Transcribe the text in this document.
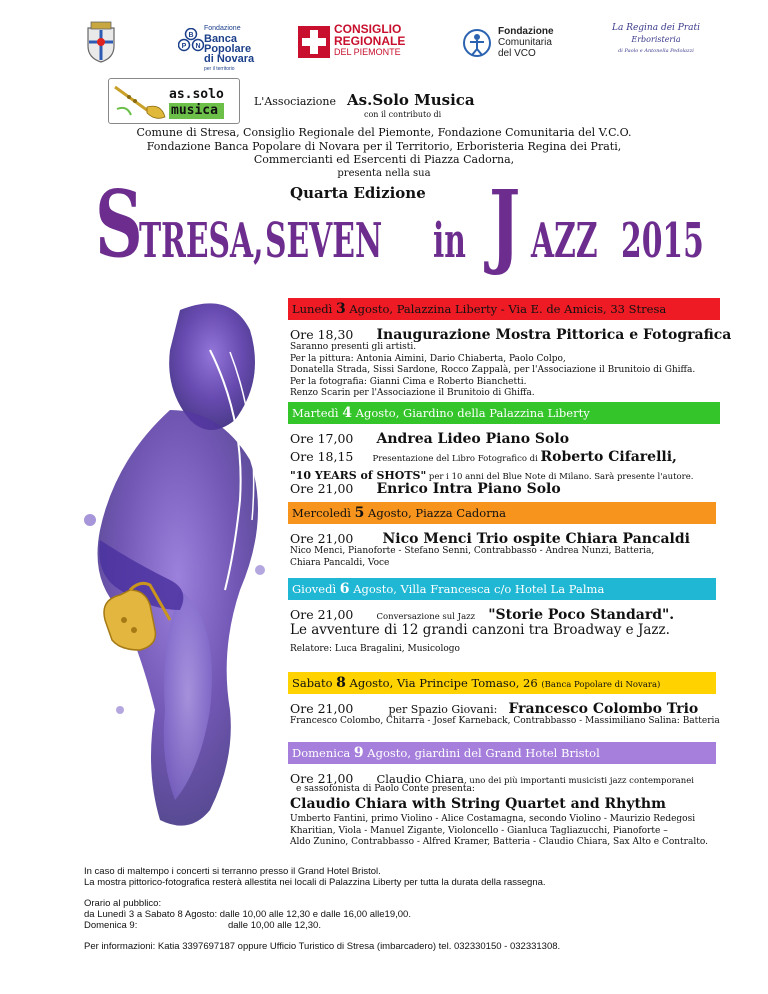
B
P N
Fondazione
Banca
Popolare
di Novara
per il territorio
CONSIGLIO
REGIONALE
DEL PIEMONTE
Fondazione
Comunitaria
del VCO
La Regina dei Prati
Erboristeria
di Paolo e Antonella Pedolazzi
as.solo
musica
L'Associazione As.Solo Musica
con il contributo di
Comune di Stresa, Consiglio Regionale del Piemonte, Fondazione Comunitaria del V.C.O.
Fondazione Banca Popolare di Novara per il Territorio, Erboristeria Regina dei Prati,
Commercianti ed Esercenti di Piazza Cadorna,
presenta nella sua
Quarta Edizione
S
TRESA, SEVEN in J AZZ 2015
Lunedì 3 Agosto, Palazzina Liberty - Via E. de Amicis, 33 Stresa
Ore 18,30 Inaugurazione Mostra Pittorica e Fotografica
Saranno presenti gli artisti.
Per la pittura: Antonia Aimini, Dario Chiaberta, Paolo Colpo,
Donatella Strada, Sissi Sardone, Rocco Zappalà, per l'Associazione il Brunitoio di Ghiffa.
Per la fotografia: Gianni Cima e Roberto Bianchetti.
Renzo Scarin per l'Associazione il Brunitoio di Ghiffa.
Martedì 4 Agosto, Giardino della Palazzina Liberty
Ore 17,00 Andrea Lideo Piano Solo
Ore 18,15 Presentazione del Libro Fotografico di Roberto Cifarelli,
"10 YEARS of SHOTS" per i 10 anni del Blue Note di Milano. Sarà presente l'autore.
Ore 21,00 Enrico Intra Piano Solo
Mercoledì 5 Agosto, Piazza Cadorna
Ore 21,00 Nico Menci Trio ospite Chiara Pancaldi
Nico Menci, Pianoforte - Stefano Senni, Contrabbasso - Andrea Nunzi, Batteria,
Chiara Pancaldi, Voce
Giovedì 6 Agosto, Villa Francesca c/o Hotel La Palma
Ore 21,00	Conversazione sul Jazz "Storie Poco Standard".
Le avventure di 12 grandi canzoni tra Broadway e Jazz.
Relatore: Luca Bragalini, Musicologo
Sabato 8 Agosto, Via Principe Tomaso, 26 (Banca Popolare di Novara)
Ore 21,00	per Spazio Giovani: Francesco Colombo Trio
Francesco Colombo, Chitarra - Josef Karneback, Contrabbasso - Massimiliano Salina: Batteria
Domenica 9 Agosto, giardini del Grand Hotel Bristol
Ore 21,00 Claudio Chiara, uno dei più importanti musicisti jazz contemporanei
e sassofonista di Paolo Conte presenta:
Claudio Chiara with String Quartet and Rhythm
Umberto Fantini, primo Violino - Alice Costamagna, secondo Violino - Maurizio Redegosi
Kharitian, Viola - Manuel Zigante, Violoncello - Gianluca Tagliazucchi, Pianoforte –
Aldo Zunino, Contrabbasso - Alfred Kramer, Batteria - Claudio Chiara, Sax Alto e Contralto.
In caso di maltempo i concerti si terranno presso il Grand Hotel Bristol.
La mostra pittorico-fotografica resterà allestita nei locali di Palazzina Liberty per tutta la durata della rassegna.
Orario al pubblico:
da Lunedì 3 a Sabato 8 Agosto: dalle 10,00 alle 12,30 e dalle 16,00 alle19,00.
Domenica 9:	dalle 10,00 alle 12,30.
Per informazioni: Katia 3397697187 oppure Ufficio Turistico di Stresa (imbarcadero) tel. 032330150 - 032331308.
